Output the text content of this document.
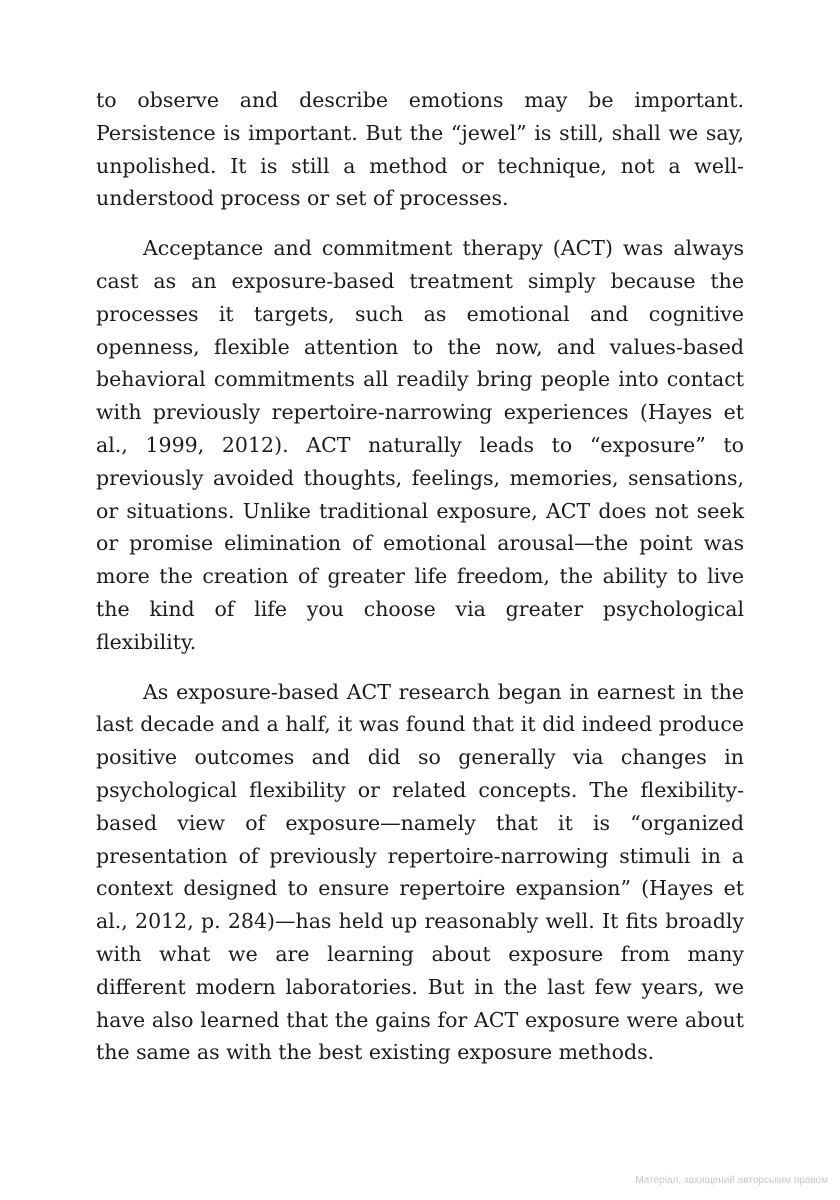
to observe and describe emotions may be important. Persistence is important. But the “jewel” is still, shall we say, unpolished. It is still a method or technique, not a well-understood process or set of processes.

Acceptance and commitment therapy (ACT) was always cast as an exposure-based treatment simply because the processes it targets, such as emotional and cognitive openness, flexible attention to the now, and values-based behavioral commitments all readily bring people into contact with previously repertoire-narrowing experiences (Hayes et al., 1999, 2012). ACT naturally leads to “exposure” to previously avoided thoughts, feelings, memories, sensations, or situations. Unlike traditional exposure, ACT does not seek or promise elimination of emotional arousal—the point was more the creation of greater life freedom, the ability to live the kind of life you choose via greater psychological flexibility.

As exposure-based ACT research began in earnest in the last decade and a half, it was found that it did indeed produce positive outcomes and did so generally via changes in psychological flexibility or related concepts. The flexibility-based view of exposure—namely that it is “organized presentation of previously repertoire-narrowing stimuli in a context designed to ensure repertoire expansion” (Hayes et al., 2012, p. 284)—has held up reasonably well. It fits broadly with what we are learning about exposure from many different modern laboratories. But in the last few years, we have also learned that the gains for ACT exposure were about the same as with the best existing exposure methods.

Матеріал, захищений авторським правом
